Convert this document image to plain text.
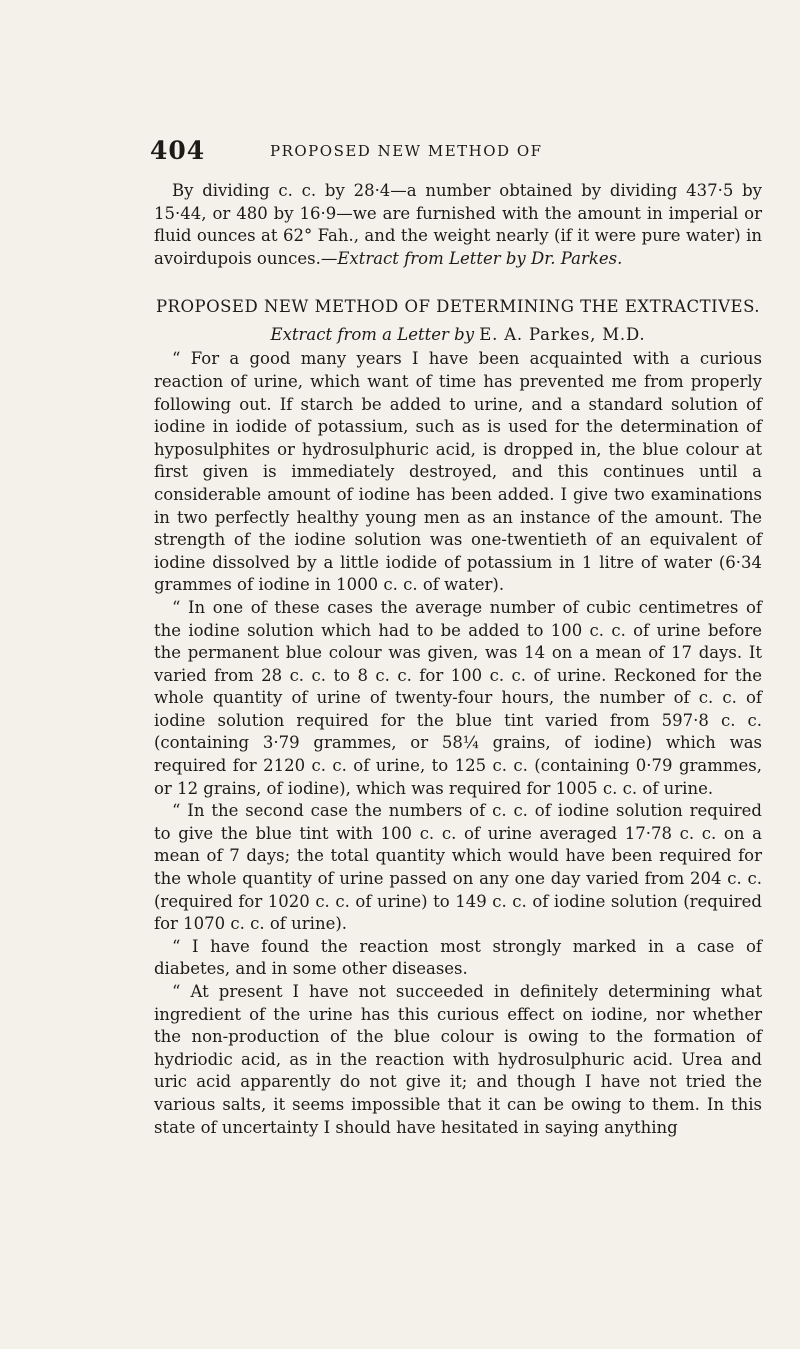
404	PROPOSED NEW METHOD OF

By dividing c. c. by 28·4—a number obtained by dividing 437·5 by 15·44, or 480 by 16·9—we are furnished with the amount in imperial or fluid ounces at 62° Fah., and the weight nearly (if it were pure water) in avoirdupois ounces.—Extract from Letter by Dr. Parkes.

PROPOSED NEW METHOD OF DETERMINING THE EXTRACTIVES.
Extract from a Letter by E. A. Parkes, M.D.

“ For a good many years I have been acquainted with a curious reaction of urine, which want of time has prevented me from properly following out. If starch be added to urine, and a standard solution of iodine in iodide of potassium, such as is used for the determination of hyposulphites or hydrosulphuric acid, is dropped in, the blue colour at first given is immediately destroyed, and this continues until a considerable amount of iodine has been added. I give two examinations in two perfectly healthy young men as an instance of the amount. The strength of the iodine solution was one-twentieth of an equivalent of iodine dissolved by a little iodide of potassium in 1 litre of water (6·34 grammes of iodine in 1000 c. c. of water).

“ In one of these cases the average number of cubic centimetres of the iodine solution which had to be added to 100 c. c. of urine before the permanent blue colour was given, was 14 on a mean of 17 days. It varied from 28 c. c. to 8 c. c. for 100 c. c. of urine. Reckoned for the whole quantity of urine of twenty-four hours, the number of c. c. of iodine solution required for the blue tint varied from 597·8 c. c. (containing 3·79 grammes, or 58¼ grains, of iodine) which was required for 2120 c. c. of urine, to 125 c. c. (containing 0·79 grammes, or 12 grains, of iodine), which was required for 1005 c. c. of urine.

“ In the second case the numbers of c. c. of iodine solution required to give the blue tint with 100 c. c. of urine averaged 17·78 c. c. on a mean of 7 days; the total quantity which would have been required for the whole quantity of urine passed on any one day varied from 204 c. c. (required for 1020 c. c. of urine) to 149 c. c. of iodine solution (required for 1070 c. c. of urine).

“ I have found the reaction most strongly marked in a case of diabetes, and in some other diseases.

“ At present I have not succeeded in definitely determining what ingredient of the urine has this curious effect on iodine, nor whether the non-production of the blue colour is owing to the formation of hydriodic acid, as in the reaction with hydrosulphuric acid. Urea and uric acid apparently do not give it; and though I have not tried the various salts, it seems impossible that it can be owing to them. In this state of uncertainty I should have hesitated in saying anything
